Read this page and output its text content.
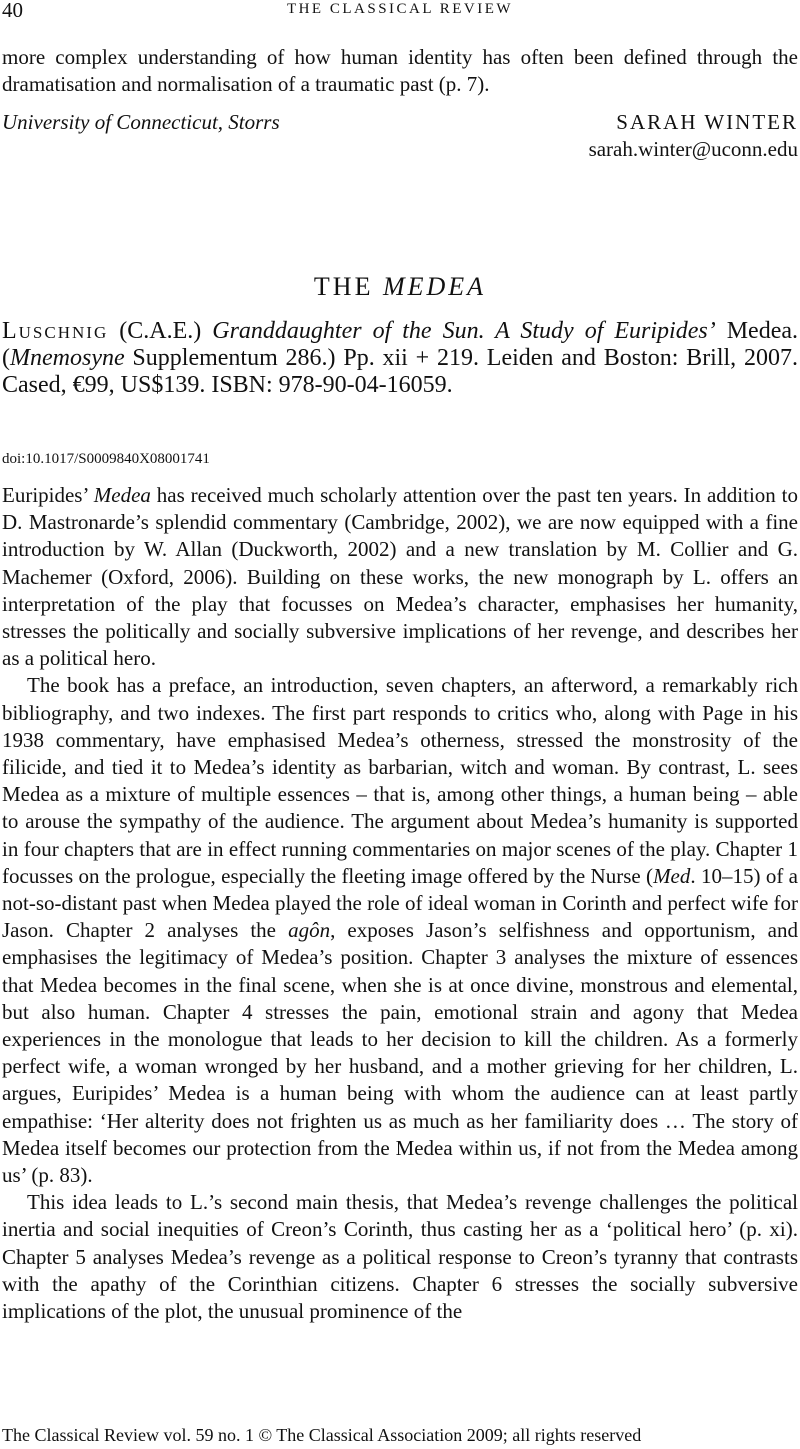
40	THE CLASSICAL REVIEW

more complex understanding of how human identity has often been defined through the dramatisation and normalisation of a traumatic past (p. 7).

University of Connecticut, Storrs	SARAH WINTER
sarah.winter@uconn.edu
THE MEDEA

Luschnig (C.A.E.) Granddaughter of the Sun. A Study of Euripides’ Medea. (Mnemosyne Supplementum 286.) Pp. xii + 219. Leiden and Boston: Brill, 2007. Cased, €99, US$139. ISBN: 978-90-04-16059.

doi:10.1017/S0009840X08001741

Euripides’ Medea has received much scholarly attention over the past ten years. In addition to D. Mastronarde’s splendid commentary (Cambridge, 2002), we are now equipped with a fine introduction by W. Allan (Duckworth, 2002) and a new translation by M. Collier and G. Machemer (Oxford, 2006). Building on these works, the new monograph by L. offers an interpretation of the play that focusses on Medea’s character, emphasises her humanity, stresses the politically and socially subversive implications of her revenge, and describes her as a political hero.

The book has a preface, an introduction, seven chapters, an afterword, a remarkably rich bibliography, and two indexes. The first part responds to critics who, along with Page in his 1938 commentary, have emphasised Medea’s otherness, stressed the monstrosity of the filicide, and tied it to Medea’s identity as barbarian, witch and woman. By contrast, L. sees Medea as a mixture of multiple essences – that is, among other things, a human being – able to arouse the sympathy of the audience. The argument about Medea’s humanity is supported in four chapters that are in effect running commentaries on major scenes of the play. Chapter 1 focusses on the prologue, especially the fleeting image offered by the Nurse (Med. 10–15) of a not-so-distant past when Medea played the role of ideal woman in Corinth and perfect wife for Jason. Chapter 2 analyses the agôn, exposes Jason’s selfishness and opportunism, and emphasises the legitimacy of Medea’s position. Chapter 3 analyses the mixture of essences that Medea becomes in the final scene, when she is at once divine, monstrous and elemental, but also human. Chapter 4 stresses the pain, emotional strain and agony that Medea experiences in the monologue that leads to her decision to kill the children. As a formerly perfect wife, a woman wronged by her husband, and a mother grieving for her children, L. argues, Euripides’ Medea is a human being with whom the audience can at least partly empathise: ‘Her alterity does not frighten us as much as her familiarity does … The story of Medea itself becomes our protection from the Medea within us, if not from the Medea among us’ (p. 83).

This idea leads to L.’s second main thesis, that Medea’s revenge challenges the political inertia and social inequities of Creon’s Corinth, thus casting her as a ‘political hero’ (p. xi). Chapter 5 analyses Medea’s revenge as a political response to Creon’s tyranny that contrasts with the apathy of the Corinthian citizens. Chapter 6 stresses the socially subversive implications of the plot, the unusual prominence of the

The Classical Review vol. 59 no. 1 © The Classical Association 2009; all rights reserved
